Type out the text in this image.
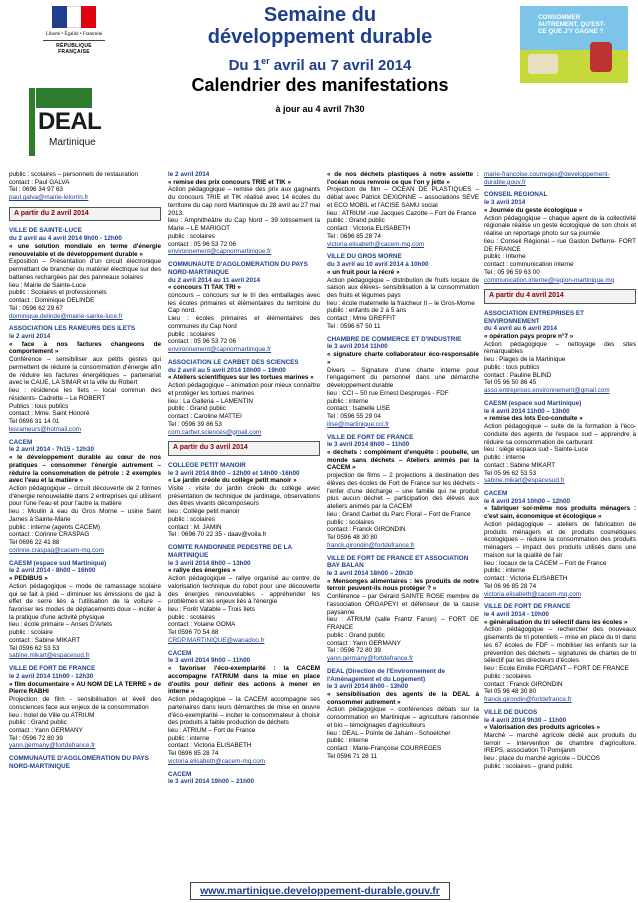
Liberté • Égalité • Fraternité
RÉPUBLIQUE FRANÇAISE
DEAL
Martinique
Semaine du
développement durable
Du 1er avril au 7 avril 2014
Calendrier des manifestations
à jour au 4 avril 7h30
CONSOMMER AUTREMENT, QU'EST-CE QUE J'Y GAGNE ?

public : scolaires – personnels de restauration
contact : Paul GALVA
Tel : 0696 34 97 63
paul.galva@mairie-lelorrin.fr

A partir du 2 avril 2014

VILLE DE SAINTE-LUCE
du 2 avril au 4 avril 2014 9h00 - 12h00
« une solution mondiale en terme d'énergie renouvelable et de développement durable »
Exposition – Présentation d'un circuit électronique permettant de brancher du matériel électrique sur des batteries rechargées par des panneaux solaires
lieu : Mairie de Sainte-Luce
public : Scolaires et professionnels
contact : Dominique DELINDE
Tel : 0596 62 29 67
dominique.delinde@mairie-sainte-luce.fr

ASSOCIATION LES RAMEURS DES ILETS
le 2 avril 2014
« face à nos factures changeons de comportement »
Conférence – sensibiliser aux petits gestes qui permettent de réduire la consommation d'énergie afin de réduire les factures énergétiques – partenariat avec le CAUE, LA SIMAR et la ville du Robert
lieu : résidence les îlets – local commun des résidents- Cadrette – Le ROBERT
Publics : tous publics
contact : Mme. Saint Honoré
Tel 0696 31 14 01
lesrameurs@hotmail.com

CACEM
le 2 avril 2014 - 7h15 - 12h30
« le développement durable au cœur de nos pratiques – consommer l'énergie autrement – réduire la consommation de pétrole : 2 exemples avec l'eau et la matière »
Action pédagogique – circuit découverte de 2 formes d'énergie renouvelable dans 2 entreprises qui utilisent pour l'une l'eau et pour l'autre la matière
lieu : Moulin à eau du Gros Morne – usine Saint James à Sainte-Marie
public : interne (agents CACEM)
contact : Corinne CRASPAG
Tel 0696 22 41 88
corinne.craspag@cacem-mq.com

CAESM (espace sud Martinique)
le 2 avril 2014 - 8h00 – 16h00
« PEDIBUS »
Action pédagogique – mode de ramassage scolaire qui se fait à pied – diminuer les émissions de gaz à effet de serre liés à l'utilisation de la voiture – favoriser les modes de déplacements doux – inciter à la pratique d'une activité physique
lieu : école primaire – Anses D'Arlets
public : scolaire
contact : Sabine MIKART
Tel 0596 62 53 53
sabine.mikart@espacesud.fr

VILLE DE FORT DE FRANCE
le 2 avril 2014 11h00 - 12h30
« film documentaire « AU NOM DE LA TERRE » de Pierre RABHI
Projection de film - sensibilisation et éveil des consciences face aux enjeux de la consommation
lieu : hotel de Ville ou ATRIUM
public : Grand public
contact : Yann GERMANY
Tel : 0596 72 80 39
yann.germany@fortdefrance.fr

COMMUNAUTE D'AGGLOMERATION DU PAYS NORD-MARTINIQUE

le 2 avril 2014
« remise des prix concours TRIE et TIK »
Action pédagogique – remise des prix aux gagnants du concours TRIE et TIK réalisé avec 14 écoles du territoire du cap nord Martinique du 28 avril au 27 mai 2013.
lieu : Amphithéâtre du Cap Nord – 39 lotissement la Marie – LE MARIGOT
public : scolaires
contact : 05 96 53 72 06
environnement@capnormartinique.fr

COMMUNAUTE D'AGGLOMERATION DU PAYS NORD-MARTINIQUE
du 2 avril 2014 au 11 avril 2014
« concours TI TAK TRI »
concours – concours sur le tri des emballages avec les écoles primaires et élémentaires du territoire du Cap nord.
Lieu : écoles primaires et élémentaires des communes du Cap Nord
public : scolaires
contact : 05 96 53 72 06
environnement@capnormartinique.fr

ASSOCIATION LE CARBET DES SCIENCES
du 2 avril au 5 avril 2014 10h00 – 19h00
« Ateliers scientifiques sur les tortues marines »
Action pédagogique – animation pour mieux connaître et protéger les tortues marines
lieu : La Galleria – LAMENTIN
public : Grand public
contact : Caroline MATTEI
Tel : 0596 39 86 53
com.carbet.sciences@gmail.com

A partir du 3 avril 2014

COLLEGE PETIT MANOIR
le 3 avril 2014 8h00 – 12h00 et 14h00 -16h00
« Le jardin créole du collège petit manoir »
Visite - visite du jardin créole du collège avec présentation de technique de jardinage, observations des êtres vivants décomposeurs
lieu : Collège petit manoir
public : scolaires
contact : M. JAMIN
Tel : 0696 70 22 35 - daav@voila.fr

COMITE RANDONNEE PEDESTRE DE LA MARTINIQUE
le 3 avril 2014 8h00 – 13h00
« rallye des énergies »
Action pédagogique – rallye organisé au centre de valorisation technique du robot pour une découverte des énergies renouvelables - appréhender les problèmes et les enjeux liés à l'énergie
lieu : Forêt Vatable – Trois îlets
public : scolaires
contact : Yolaine GOMA
Tel 0596 70 54 88
CRDP.MARTINIQUE@wanadoo.fr

CACEM
le 3 avril 2014 9h00 – 11h00
« favoriser l'éco-exemplarité : la CACEM accompagne l'ATRIUM dans la mise en place d'outils pour définir des actions à mener en interne »
Action pédagogique – la CACEM accompagne ses partenaires dans leurs démarches de mise en œuvre d'éco-exemplarité – inciter le consommateur à choisir des produits à faible production de déchets
lieu : ATRIUM – Fort de France
public : interne
contact : Victoria ELISABETH
Tel 0696 85 28 74
victoria.elisabeth@cacem-mq.com

CACEM
le 3 avril 2014 19h00 – 21h00

« de nos déchets plastiques à notre assiette : l'océan nous renvoie ce que l'on y jette »
Projection de film – OCEAN DE PLASTIQUES – débat avec Patrick DEXIONNE – associations SEVE et ECO MOBIL et l'ACISE SAMU social
lieu : ATRIUM -rue Jacques Cazotte – Fort de France
public : Grand public
contact : Victoria ELISABETH
Tel : 0696 85 28 74
victoria.elisabeth@cacem-mq.com

VILLE DU GROS MORNE
du 3 avril au 10 avril 2014 à 10h00
« un fruit pour la récré »
Action pédagogique – distribution de fruits locaux de saison aux élèves- sensibilisation à la consommation des fruits et légumes pays
lieu : école maternelle la fraicheur II – le Gros-Morne
public : enfants de 2 à 5 ans
contact : Mme GREFFIT
Tel : 0596 67 50 11

CHAMBRE DE COMMERCE ET D'INDUSTRIE
le 3 avril 2014 11h00
« signature charte collaborateur éco-responsable »
Divers – Signature d'une charte interne pour l'engagement du personnel dans une démarche développement durable
lieu : CCI – 50 rue Ernest Desproges - FDF
public : interne
contact : Isabelle LISE
Tel : 0596 55 29 04
ilise@martinique.cci.fr

VILLE DE FORT DE FRANCE
le 3 avril 2014 8h00 – 11h00
« déchets : complément d'enquête : poubelle, un monde sans déchets – Ateliers animés par la CACEM »
projection de films – 2 projections à destination des élèves des écoles de Fort de France sur les déchets - l'enfer d'une décharge – une famille qui ne produit plus aucun déchet – participation des élèves aux ateliers animés par la CACEM
lieu : Grand Carbet du Parc Floral – Fort de France
public : scolaires
contact : Franck GIRONDIN
Tel 0596 48 30 80
franck.girondin@fortdefrance.fr

VILLE DE FORT DE FRANCE ET ASSOCIATION BAY BALAN
le 3 avril 2014 18h00 – 20h30
« Mensonges alimentaires : les produits de notre terroir peuvent-ils nous protéger ? »
Conférence – par Gérard SAINTE ROSE membre de l'association ORGAPEYI et défenseur de la cause paysanne
lieu : ATRIUM (salle Frantz Fanon) – FORT DE FRANCE
public : Grand public
contact : Yann GERMANY
Tel : 0596 72 80 39
yann.germany@fortdefrance.fr

DEAL (Direction de l'Environnement de l'Aménagement et du Logement)
le 3 avril 2014 8h00 - 13h00
« sensibilisation des agents de la DEAL à consommer autrement »
Action pédagogique – conférences débats sur la consommation en Martinique – agriculture raisonnée et bio – témoignages d'agriculteurs
lieu : DEAL – Pointe de Jaham - Schoelcher
public : interne
contact : Marie-Françoise COURREGES
Tel 0596 71 28 11

marie-francoise.courreges@developpement-durable.gouv.fr

CONSEIL REGIONAL
le 3 avril 2014
« Journée du geste écologique »
Action pédagogique – chaque agent de la collectivité régionale réalise un geste écologique de son choix et réalise un reportage photo sur sa journée
lieu : Conseil Régional – rue Gaston Defferre- FORT DE FRANCE
public : Interne
contact : communication interne
Tel : 05 96 59 63 00
communication.interne@region-martinique.mq

A partir du 4 avril 2014

ASSOCIATION ENTREPRISES ET ENVIRONNEMENT
du 4 avril au 6 avril 2014
« opération pays propre n°7 »
Action pédagogique – nettoyage des sites remarquables
lieu : Plages de la Martinique
public : tous publics
contact : Pauline BLIND
Tel 05 96 50 86 45
asso.entreprises.environnement@gmail.com

CAESM (espace sud Martinique)
le 4 avril 2014 11h00 – 13h00
« remise des lots Eco-conduite »
Action pédagogique – suite de la formation à l'éco-conduite des agents de l'espace sud – apprendre à réduire sa consommation de carburant
lieu : siège espace sud - Sainte-Luce
public : interne
contact : Sabine MIKART
Tel 05 96 62 53 53
sabine.mikart@espacesud.fr

CACEM
le 4 avril 2014 10h00 – 12h00
« fabriquer soi-même nos produits ménagers : c'est sain, économique et écologique »
Action pédagogique – ateliers de fabrication de produits ménagers et de produits cosmétiques écologiques – réduire la consommation des produits ménagers – impact des produits utilisés dans une maison sur la qualité de l'air
lieu : locaux de la CACEM – Fort de France
public : interne
contact : Victoria ELISABETH
Tel 06 96 85 28 74
victoria.elisabeth@cacem-mq.com

VILLE DE FORT DE FRANCE
le 4 avril 2014 - 10h00
« généralisation du tri sélectif dans les écoles »
Action pédagogique – rechercher des nouveaux gisements de tri potentiels – mise en place du tri dans les 67 écoles de FDF – mobiliser les enfants sur la prévention des déchets – signatures de chartes de tri sélectif par les directeurs d'écoles
lieu : Ecole Emilie FORDANT – FORT DE FRANCE
public : scolaires
contact : Franck GIRONDIN
Tel 05 96 48 30 80
franck.girondin@fortdefrance.fr

VILLE DE DUCOS
le 4 avril 2014 9h30 – 11h00
« Valorisation des produits agricoles »
Marché – marché agricole dédié aux produits du terroir – intervention de chambre d'agriculture, IREPS, association TI Pomijanm
lieu : place du marché agricole – DUCOS
public : scolaires – grand public

www.martinique.developpement-durable.gouv.fr
